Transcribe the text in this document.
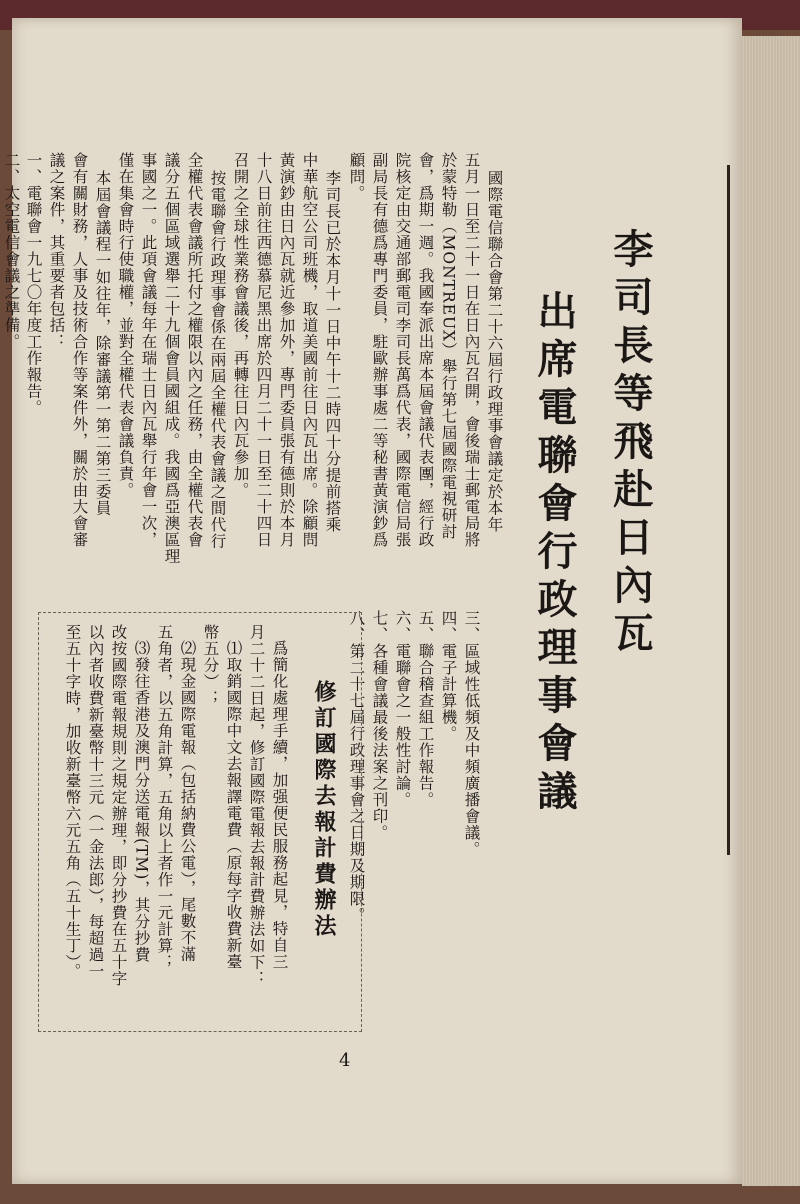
李司長等飛赴日內瓦
出席電聯會行政理事會議
國際電信聯合會第二十六屆行政理事會議定於本年
五月一日至二十一日在日內瓦召開，會後瑞士郵電局將
於蒙特勒（MONTREUX）舉行第七屆國際電視研討
會，爲期一週。我國奉派出席本屆會議代表團，經行政
院核定由交通部郵電司李司長萬爲代表，國際電信局張
副局長有德爲專門委員，駐歐辦事處二等秘書黃演鈔爲
顧問。
李司長已於本月十一日中午十二時四十分提前搭乘
中華航空公司班機，取道美國前往日內瓦出席。除顧問
黃演鈔由日內瓦就近參加外，專門委員張有德則於本月
十八日前往西德慕尼黑出席於四月二十一日至二十四日
召開之全球性業務會議後，再轉往日內瓦參加。
按電聯會行政理事會係在兩屆全權代表會議之間代行
全權代表會議所托付之權限以內之任務，由全權代表會
議分五個區域選舉二十九個會員國組成。我國爲亞澳區理
事國之一。此項會議每年在瑞士日內瓦舉行年會一次，
僅在集會時行使職權，並對全權代表會議負責。
本屆會議程一如往年，除審議第一第二第三委員
會有關財務，人事及技術合作等案件外，關於由大會審
議之案件，其重要者包括：
一、電聯會一九七〇年度工作報告。
二、太空電信會議之準備。
三、區域性低頻及中頻廣播會議。
四、電子計算機。
五、聯合稽查組工作報告。
六、電聯會之一般性討論。
七、各種會議最後法案之刊印。
八、第二十七屆行政理事會之日期及期限。
修訂國際去報計費辦法
爲簡化處理手續，加强便民服務起見，特自三
月二十二日起，修訂國際電報去報計費辦法如下：
⑴取銷國際中文去報譯電費（原每字收費新臺
幣五分）；
⑵現金國際電報（包括納費公電），尾數不滿
五角者，以五角計算，五角以上者作一元計算；
⑶發往香港及澳門分送電報(TM)，其分抄費
改按國際電報規則之規定辦理，即分抄費在五十字
以內者收費新臺幣十三元（一金法郎），每超過一
至五十字時，加收新臺幣六元五角（五十生丁）。
4
